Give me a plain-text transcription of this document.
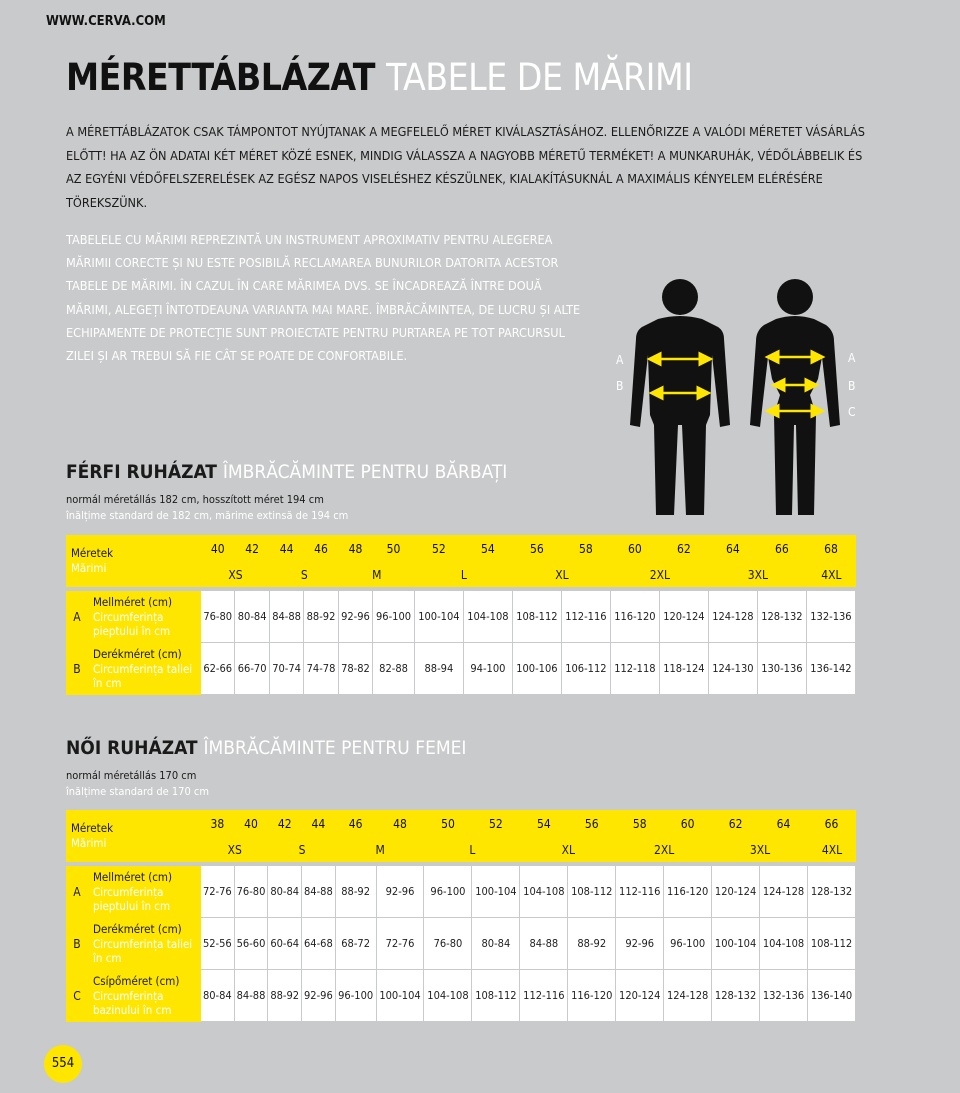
WWW.CERVA.COM
MÉRETTÁBLÁZAT TABELE DE MĂRIMI

A MÉRETTÁBLÁZATOK CSAK TÁMPONTOT NYÚJTANAK A MEGFELELŐ MÉRET KIVÁLASZTÁSÁHOZ. ELLENŐRIZZE A VALÓDI MÉRETET VÁSÁRLÁS ELŐTT! HA AZ ÖN ADATAI KÉT MÉRET KÖZÉ ESNEK, MINDIG VÁLASSZA A NAGYOBB MÉRETŰ TERMÉKET! A MUNKARUHÁK, VÉDŐLÁBBELIK ÉS AZ EGYÉNI VÉDŐFELSZERELÉSEK AZ EGÉSZ NAPOS VISELÉSHEZ KÉSZÜLNEK, KIALAKÍTÁSUKNÁL A MAXIMÁLIS KÉNYELEM ELÉRÉSÉRE TÖREKSZÜNK.

TABELELE CU MĂRIMI REPREZINTĂ UN INSTRUMENT APROXIMATIV PENTRU ALEGEREA MĂRIMII CORECTE ȘI NU ESTE POSIBILĂ RECLAMAREA BUNURILOR DATORITA ACESTOR TABELE DE MĂRIMI. ÎN CAZUL ÎN CARE MĂRIMEA DVS. SE ÎNCADREAZĂ ÎNTRE DOUĂ MĂRIMI, ALEGEȚI ÎNTOTDEAUNA VARIANTA MAI MARE. ÎMBRĂCĂMINTEA, DE LUCRU ȘI ALTE ECHIPAMENTE DE PROTECȚIE SUNT PROIECTATE PENTRU PURTAREA PE TOT PARCURSUL ZILEI ȘI AR TREBUI SĂ FIE CÂT SE POATE DE CONFORTABILE.	A
B
A
B
C
FÉRFI RUHÁZAT ÎMBRĂCĂMINTE PENTRU BĂRBAȚI
normál méretállás 182 cm, hosszított méret 194 cm
înălțime standard de 182 cm, mărime extinsă de 194 cm
Méretek
Mărimi		40	42	44	46	48	50	52	54	56	58	60	62	64	66	68
		XS		S		M		L		XL		2XL		3XL		4XL

A	Mellméret (cm)
Circumferința pieptului în cm	76-80	80-84	84-88	88-92	92-96	96-100	100-104	104-108	108-112	112-116	116-120	120-124	124-128	128-132	132-136
B	Derékméret (cm)
Circumferința taliei în cm	62-66	66-70	70-74	74-78	78-82	82-88	88-94	94-100	100-106	106-112	112-118	118-124	124-130	130-136	136-142
NŐI RUHÁZAT ÎMBRĂCĂMINTE PENTRU FEMEI
normál méretállás 170 cm
înălțime standard de 170 cm
Méretek
Mărimi		38	40	42	44	46	48	50	52	54	56	58	60	62	64	66
		XS		S		M		L		XL		2XL		3XL		4XL

A	Mellméret (cm)
Circumferința pieptului în cm	72-76	76-80	80-84	84-88	88-92	92-96	96-100	100-104	104-108	108-112	112-116	116-120	120-124	124-128	128-132
B	Derékméret (cm)
Circumferința taliei în cm	52-56	56-60	60-64	64-68	68-72	72-76	76-80	80-84	84-88	88-92	92-96	96-100	100-104	104-108	108-112
C	Csípőméret (cm)
Circumferința bazinului în cm	80-84	84-88	88-92	92-96	96-100	100-104	104-108	108-112	112-116	116-120	120-124	124-128	128-132	132-136	136-140
554
